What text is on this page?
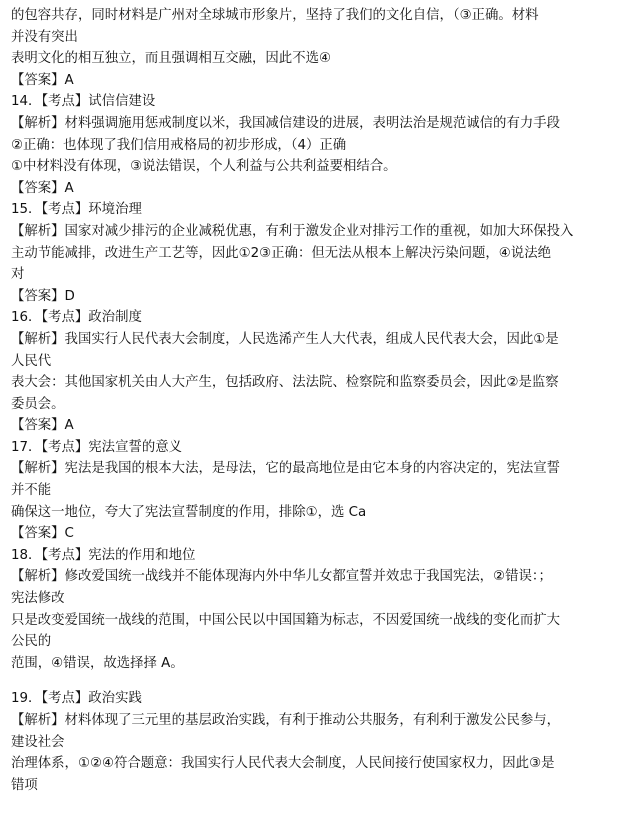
的包容共存，同时材料是广州对全球城市形象片，坚持了我们的文化自信，（③正确。材料
并没有突出
表明文化的相互独立，而且强调相互交融，因此不选④
【答案】A
14．【考点】试信信建设
【解析】材料强调施用惩戒制度以米，我国减信建设的进展，表明法治是规范诚信的有力手段
②正确：也体现了我们信用戒格局的初步形成，（4）正确
①中材料没有体现，③说法错误，个人利益与公共利益要相结合。
【答案】A
15．【考点】环境治理
【解析】国家对减少排污的企业减税优惠，有利于激发企业对排污工作的重视，如加大环保投入
主动节能减排，改进生产工艺等，因此①2③正确：但无法从根本上解决污染问题，④说法绝
对
【答案】D
16．【考点】政治制度
【解析】我国实行人民代表大会制度，人民选浠产生人大代表，组成人民代表大会，因此①是
人民代
表大会：其他国家机关由人大产生，包括政府、法法院、检察院和监察委员会，因此②是监察
委员会。
【答案】A
17．【考点】宪法宣誓的意义
【解析】宪法是我国的根本大法，是母法，它的最高地位是由它本身的内容决定的，宪法宣誓
并不能
确保这一地位，夸大了宪法宣誓制度的作用，排除①，选 Ca
【答案】C
18．【考点】宪法的作用和地位
【解析】修改爱国统一战线并不能体现海内外中华儿女都宣誓并效忠于我国宪法，②错误：；
宪法修改
只是改变爱国统一战线的范围，中国公民以中国国籍为标志，不因爱国统一战线的变化而扩大
公民的
范围，④错误，故选择择 A。
19．【考点】政治实践
【解析】材料体现了三元里的基层政治实践，有利于推动公共服务，有利利于激发公民参与，
建设社会
治理体系，①②④符合题意：我国实行人民代表大会制度，人民间接行使国家权力，因此③是
错项
